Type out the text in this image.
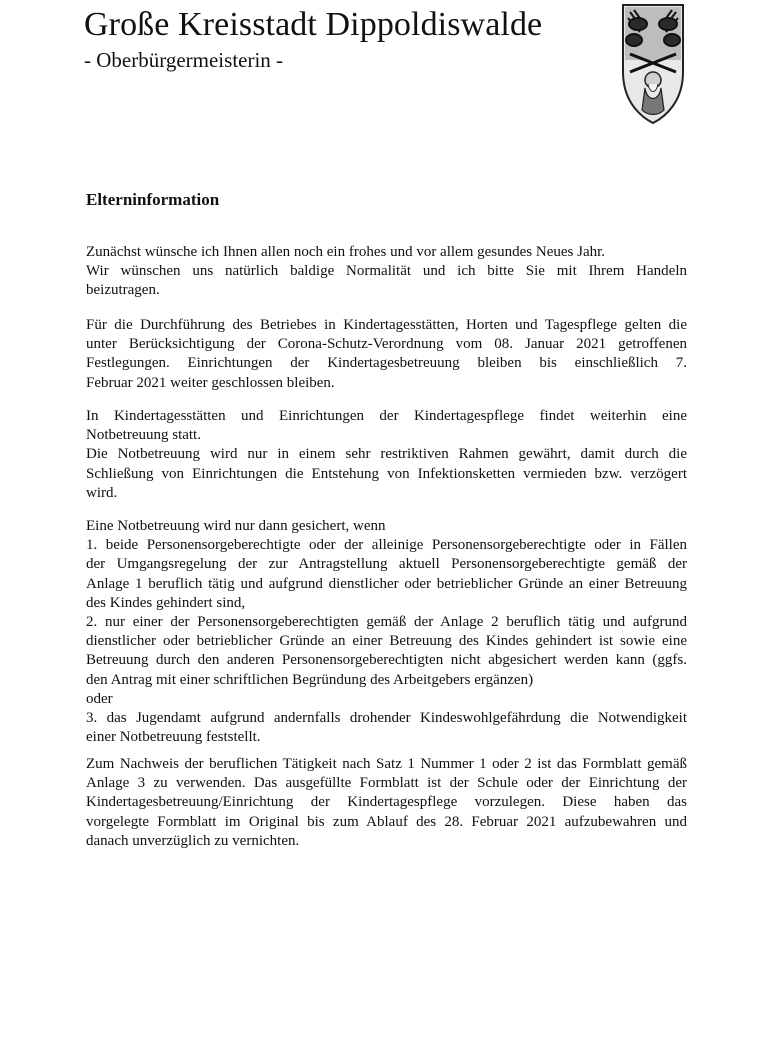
Große Kreisstadt Dippoldiswalde
- Oberbürgermeisterin -
Elterninformation
Zunächst wünsche ich Ihnen allen noch ein frohes und vor allem gesundes Neues Jahr.
Wir wünschen uns natürlich baldige Normalität und ich bitte Sie mit Ihrem Handeln
beizutragen.
Für die Durchführung des Betriebes in Kindertagesstätten, Horten und Tagespflege gelten die
unter Berücksichtigung der Corona-Schutz-Verordnung vom 08. Januar 2021 getroffenen
Festlegungen. Einrichtungen der Kindertagesbetreuung bleiben bis einschließlich 7.
Februar 2021 weiter geschlossen bleiben.
In Kindertagesstätten und Einrichtungen der Kindertagespflege findet weiterhin eine
Notbetreuung statt.
Die Notbetreuung wird nur in einem sehr restriktiven Rahmen gewährt, damit durch die
Schließung von Einrichtungen die Entstehung von Infektionsketten vermieden bzw. verzögert
wird.
Eine Notbetreuung wird nur dann gesichert, wenn
1. beide Personensorgeberechtigte oder der alleinige Personensorgeberechtigte oder in Fällen
der Umgangsregelung der zur Antragstellung aktuell Personensorgeberechtigte gemäß der
Anlage 1 beruflich tätig und aufgrund dienstlicher oder betrieblicher Gründe an einer Betreuung
des Kindes gehindert sind,
2. nur einer der Personensorgeberechtigten gemäß der Anlage 2 beruflich tätig und aufgrund
dienstlicher oder betrieblicher Gründe an einer Betreuung des Kindes gehindert ist sowie eine
Betreuung durch den anderen Personensorgeberechtigten nicht abgesichert werden kann (ggfs.
den Antrag mit einer schriftlichen Begründung des Arbeitgebers ergänzen)
oder
3. das Jugendamt aufgrund andernfalls drohender Kindeswohlgefährdung die Notwendigkeit
einer Notbetreuung feststellt.
Zum Nachweis der beruflichen Tätigkeit nach Satz 1 Nummer 1 oder 2 ist das Formblatt gemäß
Anlage 3 zu verwenden. Das ausgefüllte Formblatt ist der Schule oder der Einrichtung der
Kindertagesbetreuung/Einrichtung der Kindertagespflege vorzulegen. Diese haben das
vorgelegte Formblatt im Original bis zum Ablauf des 28. Februar 2021 aufzubewahren und
danach unverzüglich zu vernichten.
